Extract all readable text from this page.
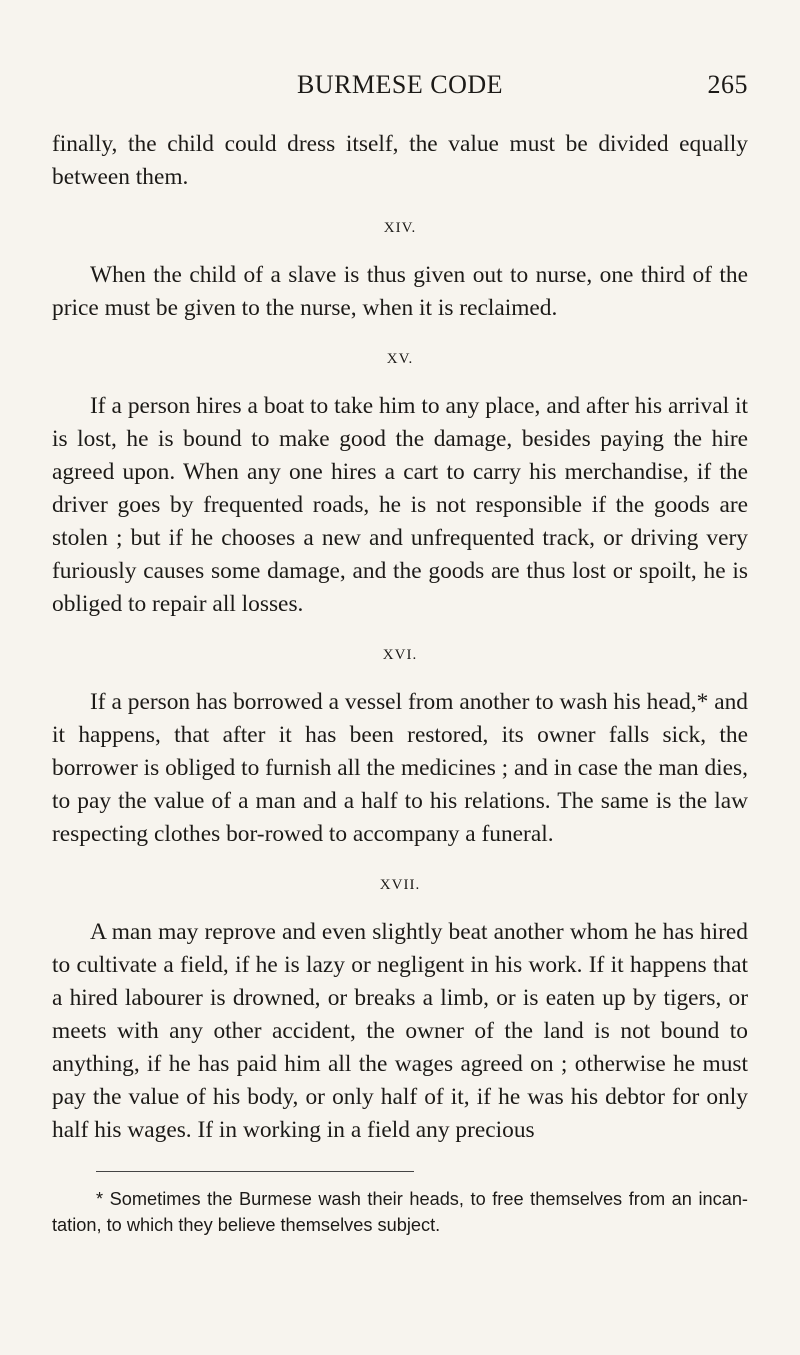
BURMESE CODE	265

finally, the child could dress itself, the value must be divided equally between them.

XIV.

When the child of a slave is thus given out to nurse, one third of the price must be given to the nurse, when it is reclaimed.

XV.

If a person hires a boat to take him to any place, and after his arrival it is lost, he is bound to make good the damage, besides paying the hire agreed upon. When any one hires a cart to carry his merchandise, if the driver goes by frequented roads, he is not responsible if the goods are stolen ; but if he chooses a new and unfrequented track, or driving very furiously causes some damage, and the goods are thus lost or spoilt, he is obliged to repair all losses.

XVI.

If a person has borrowed a vessel from another to wash his head,* and it happens, that after it has been restored, its owner falls sick, the borrower is obliged to furnish all the medicines ; and in case the man dies, to pay the value of a man and a half to his relations. The same is the law respecting clothes bor-rowed to accompany a funeral.

XVII.

A man may reprove and even slightly beat another whom he has hired to cultivate a field, if he is lazy or negligent in his work. If it happens that a hired labourer is drowned, or breaks a limb, or is eaten up by tigers, or meets with any other accident, the owner of the land is not bound to anything, if he has paid him all the wages agreed on ; otherwise he must pay the value of his body, or only half of it, if he was his debtor for only half his wages. If in working in a field any precious

* Sometimes the Burmese wash their heads, to free themselves from an incan-tation, to which they believe themselves subject.
